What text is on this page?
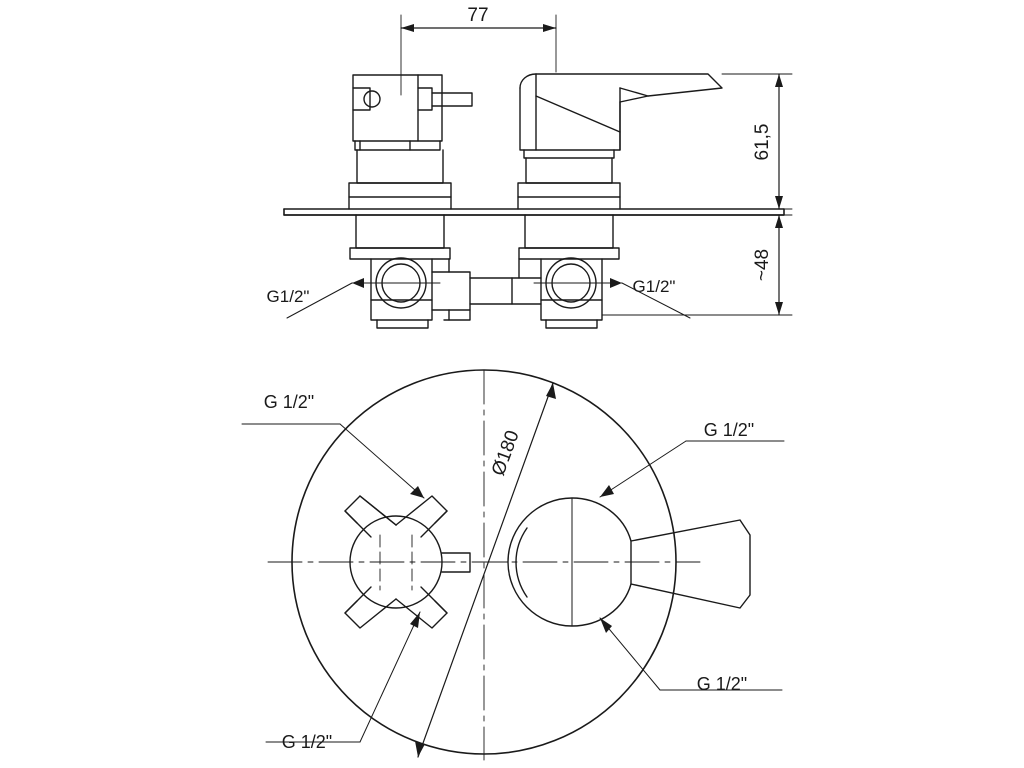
77
61,5
~48
Ø180
G1/2"
G1/2"
G 1/2"
G 1/2"
G 1/2"
G 1/2"
